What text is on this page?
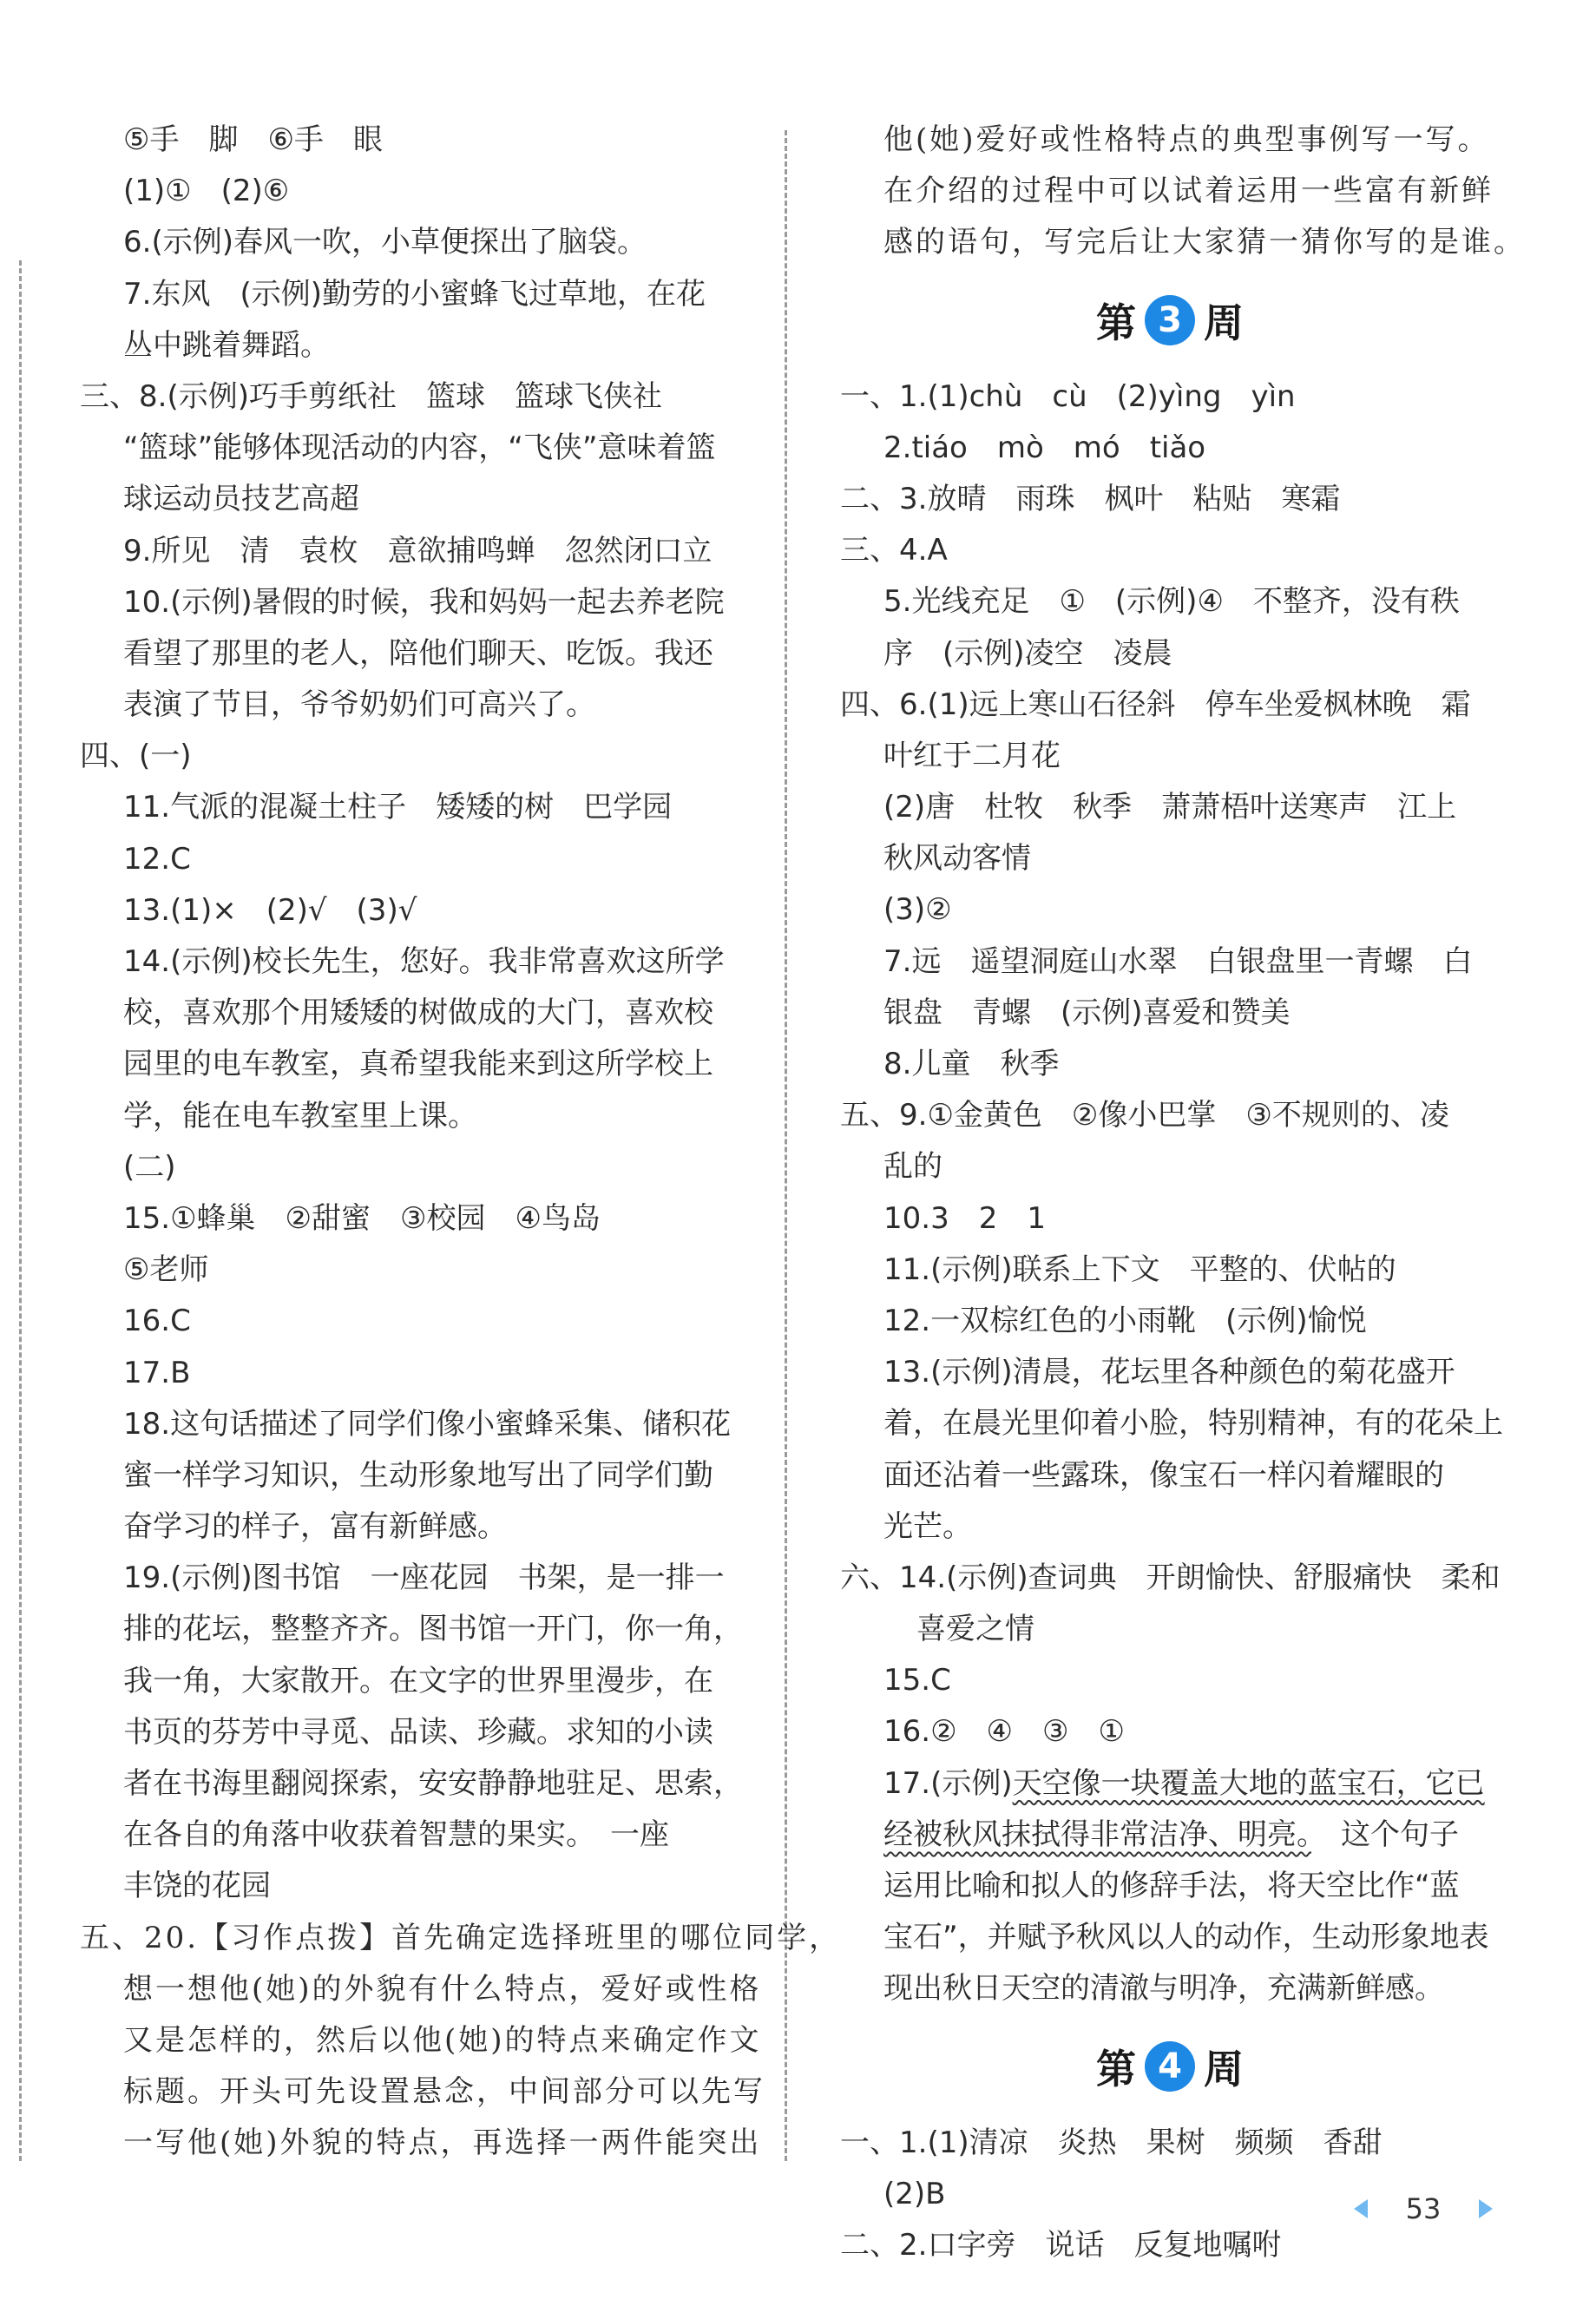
⑤手　脚　⑥手　眼
(1)①　(2)⑥
6.(示例)春风一吹，小草便探出了脑袋。
7.东风　(示例)勤劳的小蜜蜂飞过草地，在花
丛中跳着舞蹈。
三、8.(示例)巧手剪纸社　篮球　篮球飞侠社
“篮球”能够体现活动的内容，“飞侠”意味着篮
球运动员技艺高超
9.所见　清　袁枚　意欲捕鸣蝉　忽然闭口立
10.(示例)暑假的时候，我和妈妈一起去养老院
看望了那里的老人，陪他们聊天、吃饭。我还
表演了节目，爷爷奶奶们可高兴了。
四、(一)
11.气派的混凝土柱子　矮矮的树　巴学园
12.C
13.(1)×　(2)√　(3)√
14.(示例)校长先生，您好。我非常喜欢这所学
校，喜欢那个用矮矮的树做成的大门，喜欢校
园里的电车教室，真希望我能来到这所学校上
学，能在电车教室里上课。
(二)
15.①蜂巢　②甜蜜　③校园　④鸟岛
⑤老师
16.C
17.B
18.这句话描述了同学们像小蜜蜂采集、储积花
蜜一样学习知识，生动形象地写出了同学们勤
奋学习的样子，富有新鲜感。
19.(示例)图书馆　一座花园　书架，是一排一
排的花坛，整整齐齐。图书馆一开门，你一角，
我一角，大家散开。在文字的世界里漫步，在
书页的芬芳中寻觅、品读、珍藏。求知的小读
者在书海里翻阅探索，安安静静地驻足、思索，
在各自的角落中收获着智慧的果实。　一座
丰饶的花园
五、20.【习作点拨】首先确定选择班里的哪位同学，
想一想他(她)的外貌有什么特点，爱好或性格
又是怎样的，然后以他(她)的特点来确定作文
标题。开头可先设置悬念，中间部分可以先写
一写他(她)外貌的特点，再选择一两件能突出
他(她)爱好或性格特点的典型事例写一写。
在介绍的过程中可以试着运用一些富有新鲜
感的语句，写完后让大家猜一猜你写的是谁。
第 3 周
一、1.(1)chù　cù　(2)yìng　yìn
2.tiáo　mò　mó　tiǎo
二、3.放晴　雨珠　枫叶　粘贴　寒霜
三、4.A
5.光线充足　①　(示例)④　不整齐，没有秩
序　(示例)凌空　凌晨
四、6.(1)远上寒山石径斜　停车坐爱枫林晚　霜
叶红于二月花
(2)唐　杜牧　秋季　萧萧梧叶送寒声　江上
秋风动客情
(3)②
7.远　遥望洞庭山水翠　白银盘里一青螺　白
银盘　青螺　(示例)喜爱和赞美
8.儿童　秋季
五、9.①金黄色　②像小巴掌　③不规则的、凌
乱的
10.3　2　1
11.(示例)联系上下文　平整的、伏帖的
12.一双棕红色的小雨靴　(示例)愉悦
13.(示例)清晨，花坛里各种颜色的菊花盛开
着，在晨光里仰着小脸，特别精神，有的花朵上
面还沾着一些露珠，像宝石一样闪着耀眼的
光芒。
六、14.(示例)查词典　开朗愉快、舒服痛快　柔和
喜爱之情
15.C
16.②　④　③　①
17.(示例)天空像一块覆盖大地的蓝宝石，它已
经被秋风抹拭得非常洁净、明亮。　这个句子
运用比喻和拟人的修辞手法，将天空比作“蓝
宝石”，并赋予秋风以人的动作，生动形象地表
现出秋日天空的清澈与明净，充满新鲜感。
第 4 周
一、1.(1)清凉　炎热　果树　频频　香甜
(2)B
二、2.口字旁　说话　反复地嘱咐
53
